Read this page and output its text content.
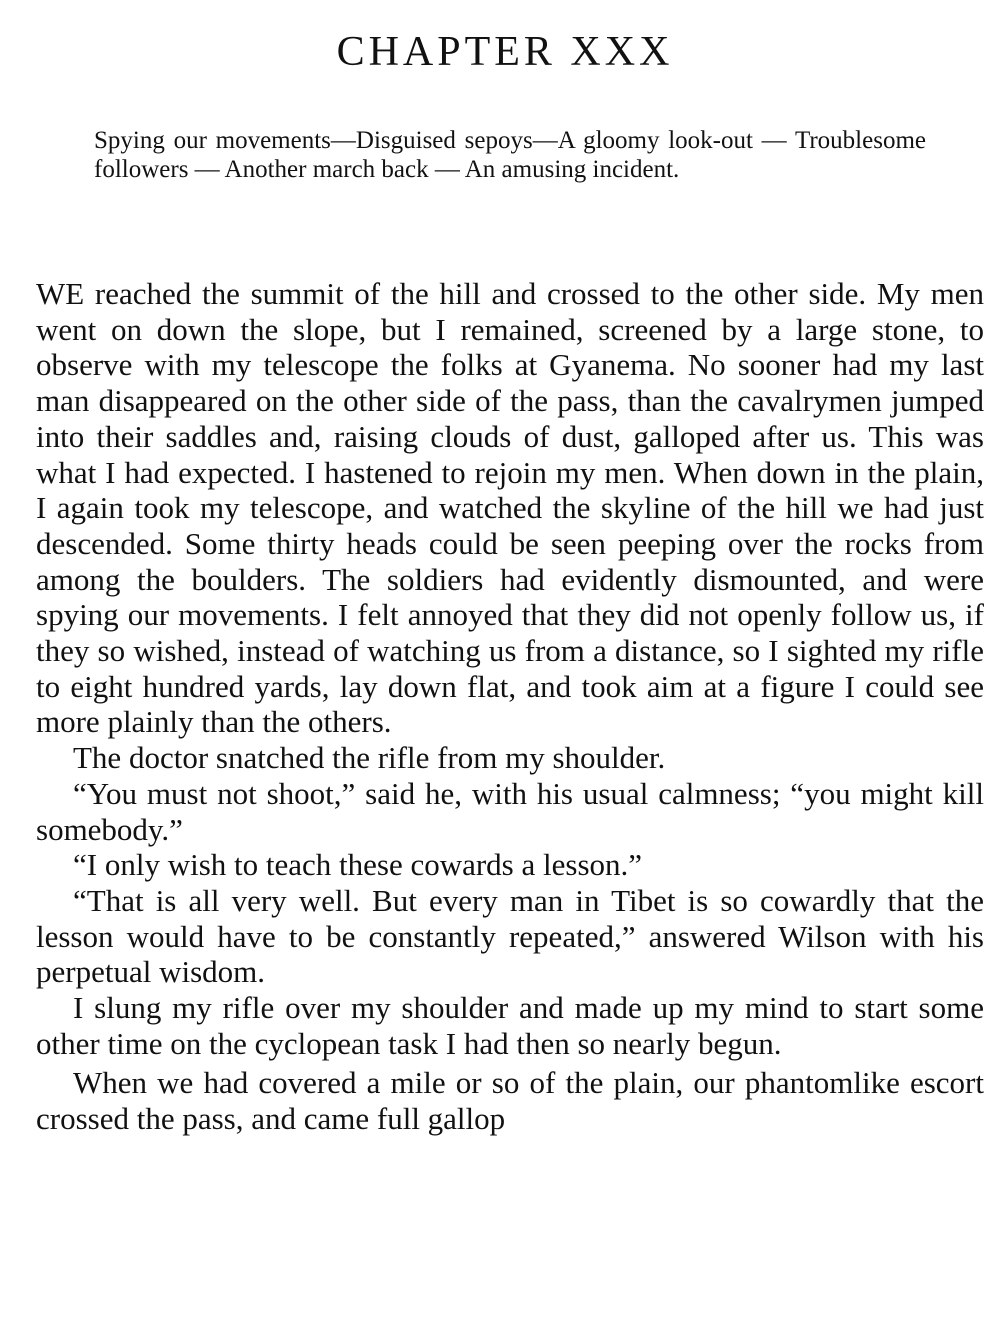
CHAPTER XXX

Spying our movements—Disguised sepoys—A gloomy look-out — Troublesome followers — Another march back — An amusing incident.

WE reached the summit of the hill and crossed to the other side. My men went on down the slope, but I remained, screened by a large stone, to observe with my telescope the folks at Gyanema. No sooner had my last man disappeared on the other side of the pass, than the cavalrymen jumped into their saddles and, raising clouds of dust, galloped after us. This was what I had expected. I hastened to rejoin my men. When down in the plain, I again took my telescope, and watched the skyline of the hill we had just descended. Some thirty heads could be seen peeping over the rocks from among the boulders. The soldiers had evidently dismounted, and were spying our movements. I felt annoyed that they did not openly follow us, if they so wished, instead of watching us from a distance, so I sighted my rifle to eight hundred yards, lay down flat, and took aim at a figure I could see more plainly than the others.

The doctor snatched the rifle from my shoulder.

“You must not shoot,” said he, with his usual calmness; “you might kill somebody.”

“I only wish to teach these cowards a lesson.”

“That is all very well. But every man in Tibet is so cowardly that the lesson would have to be constantly repeated,” answered Wilson with his perpetual wisdom.

I slung my rifle over my shoulder and made up my mind to start some other time on the cyclopean task I had then so nearly begun.

When we had covered a mile or so of the plain, our phantomlike escort crossed the pass, and came full gallop
